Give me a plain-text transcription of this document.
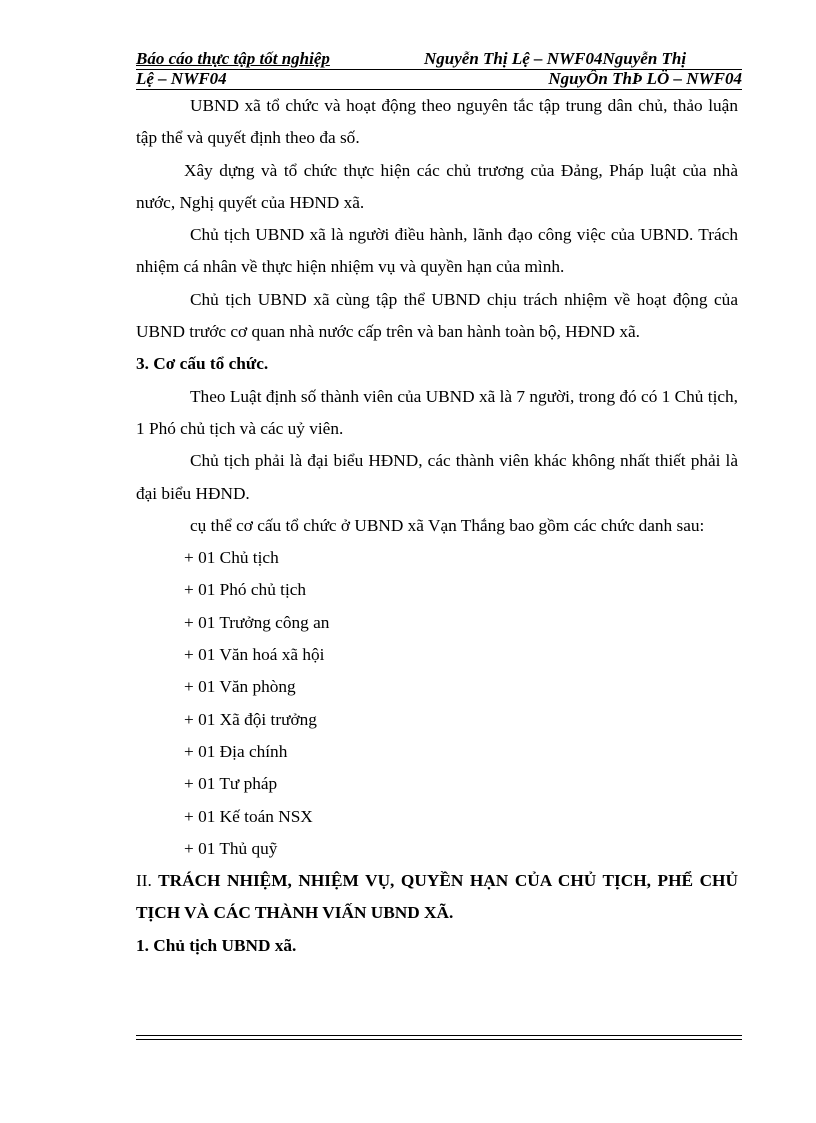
Báo cáo thực tập tốt nghiệp	Nguyễn Thị Lệ – NWF04Nguyễn Thị
Lệ – NWF04	NguyÔn ThÞ LÖ – NWF04

UBND xã tổ chức và hoạt động theo nguyên tắc tập trung dân chủ, thảo luận tập thể và quyết định theo đa số.

Xây dựng và tổ chức thực hiện các chủ trương của Đảng, Pháp luật của nhà nước, Nghị quyết của HĐND xã.

Chủ tịch UBND xã là người điều hành, lãnh đạo công việc của UBND. Trách nhiệm cá nhân về thực hiện nhiệm vụ và quyền hạn của mình.

Chủ tịch UBND xã cùng tập thể UBND chịu trách nhiệm về hoạt động của UBND trước cơ quan nhà nước cấp trên và ban hành toàn bộ, HĐND xã.

3. Cơ cấu tổ chức.

Theo Luật định số thành viên của UBND xã là 7 người, trong đó có 1 Chủ tịch, 1 Phó chủ tịch và các uỷ viên.

Chủ tịch phải là đại biểu HĐND, các thành viên khác không nhất thiết phải là đại biểu HĐND.

cụ thể cơ cấu tổ chức ở UBND xã Vạn Thắng bao gồm các chức danh sau:

+ 01 Chủ tịch

+ 01 Phó chủ tịch

+ 01 Trưởng công an

+ 01 Văn hoá xã hội

+ 01 Văn phòng

+ 01 Xã đội trưởng

+ 01 Địa chính

+ 01 Tư pháp

+ 01 Kế toán NSX

+ 01 Thủ quỹ

II. TRÁCH NHIỆM, NHIỆM VỤ, QUYỀN HẠN CỦA CHỦ TỊCH, PHỂ CHỦ TỊCH VÀ CÁC THÀNH VIẤN UBND XÃ.

1. Chủ tịch UBND xã.
